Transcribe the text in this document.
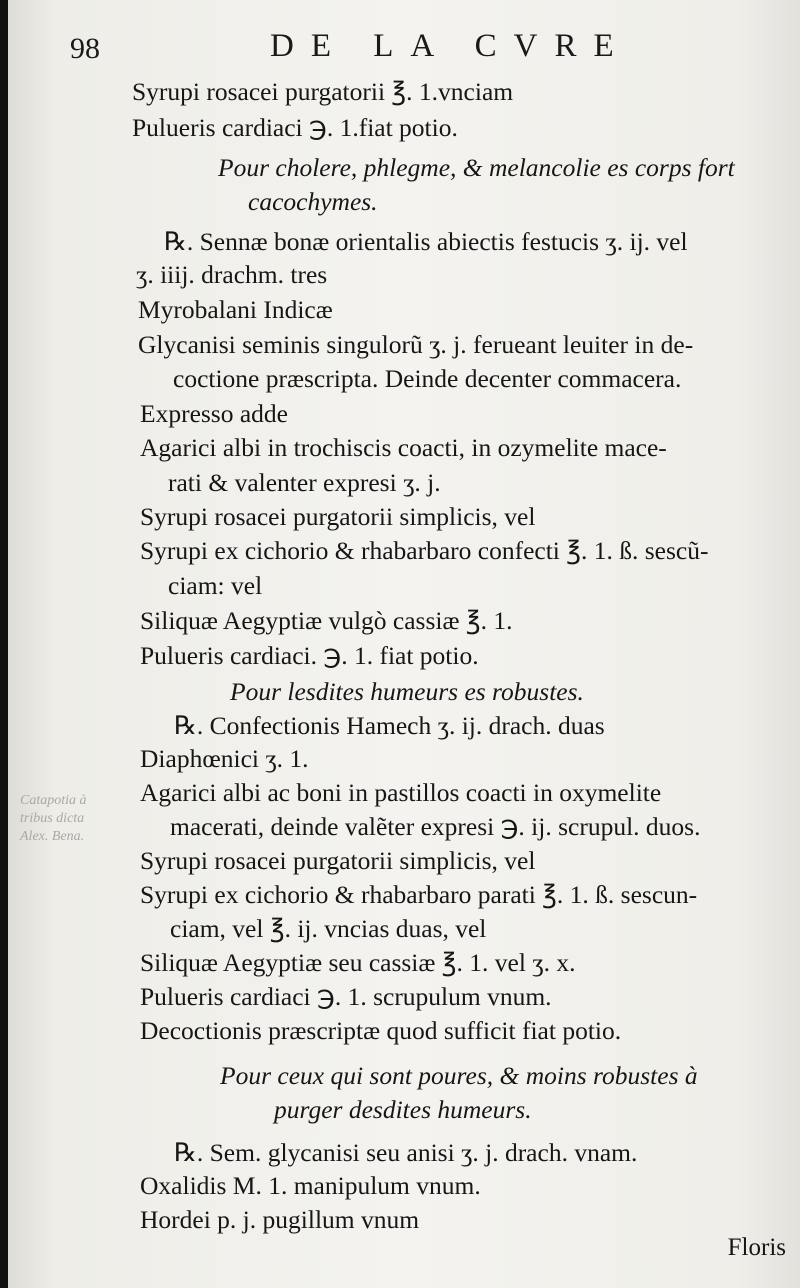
98	DE LA CVRE
Syrupi rosacei purgatorii ℥. 1.vnciam
Pulueris cardiaci ℈. 1.fiat potio.
Pour cholere, phlegme, & melancolie es corps fort
cacochymes.
℞. Sennæ bonæ orientalis abiectis festucis ʒ. ij. vel
ʒ. iiij. drachm. tres
Myrobalani Indicæ
Glycanisi seminis singulorũ ʒ. j. ferueant leuiter in de-
coctione præscripta. Deinde decenter commacera.
Expresso adde
Agarici albi in trochiscis coacti, in ozymelite mace-
rati & valenter expresi ʒ. j.
Syrupi rosacei purgatorii simplicis, vel
Syrupi ex cichorio & rhabarbaro confecti ℥. 1. ß. sescũ-
ciam: vel
Siliquæ Aegyptiæ vulgò cassiæ ℥. 1.
Pulueris cardiaci. ℈. 1. fiat potio.
Pour lesdites humeurs es robustes.
℞. Confectionis Hamech ʒ. ij. drach. duas
Diaphœnici ʒ. 1.
Agarici albi ac boni in pastillos coacti in oxymelite
macerati, deinde valẽter expresi ℈. ij. scrupul. duos.
Syrupi rosacei purgatorii simplicis, vel
Syrupi ex cichorio & rhabarbaro parati ℥. 1. ß. sescun-
ciam, vel ℥. ij. vncias duas, vel
Siliquæ Aegyptiæ seu cassiæ ℥. 1. vel ʒ. x.
Pulueris cardiaci ℈. 1. scrupulum vnum.
Decoctionis præscriptæ quod sufficit fiat potio.
Pour ceux qui sont poures, & moins robustes à
purger desdites humeurs.
℞. Sem. glycanisi seu anisi ʒ. j. drach. vnam.
Oxalidis M. 1. manipulum vnum.
Hordei p. j. pugillum vnum
Catapotia à
tribus dicta
Alex. Bena.
Floris
